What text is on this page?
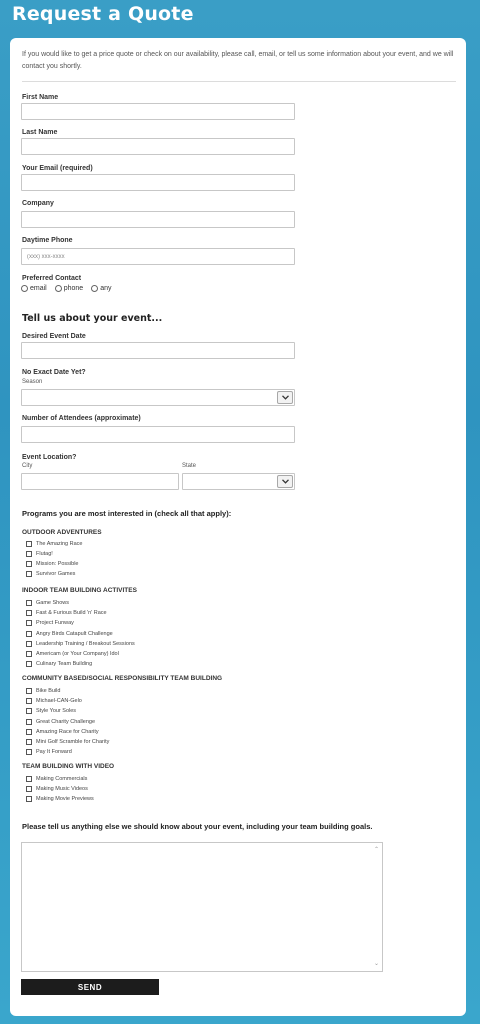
Request a Quote
If you would like to get a price quote or check on our availability, please call, email, or tell us some information about your event, and we will contact you shortly.
First Name
Last Name
Your Email (required)
Company
Daytime Phone
(xxx) xxx-xxxx
Preferred Contact
email phone any
Tell us about your event...
Desired Event Date
No Exact Date Yet?
Season
Number of Attendees (approximate)
Event Location?
City	State
Programs you are most interested in (check all that apply):
OUTDOOR ADVENTURES
The Amazing Race
Flutag!
Mission: Possible
Survivor Games
INDOOR TEAM BUILDING ACTIVITES
Game Shows
Fast & Furious Build 'n' Race
Project Funway
Angry Birds Catapult Challenge
Leadership Training / Breakout Sessions
Americam (or Your Company) Idol
Culinary Team Building
COMMUNITY BASED/SOCIAL RESPONSIBILITY TEAM BUILDING
Bike Build
Michael-CAN-Gelo
Style Your Soles
Great Charity Challenge
Amazing Race for Charity
Mini Golf Scramble for Charity
Pay It Forward
TEAM BUILDING WITH VIDEO
Making Commercials
Making Music Videos
Making Movie Previews
Please tell us anything else we should know about your event, including your team building goals.
⌃
⌄
SEND
